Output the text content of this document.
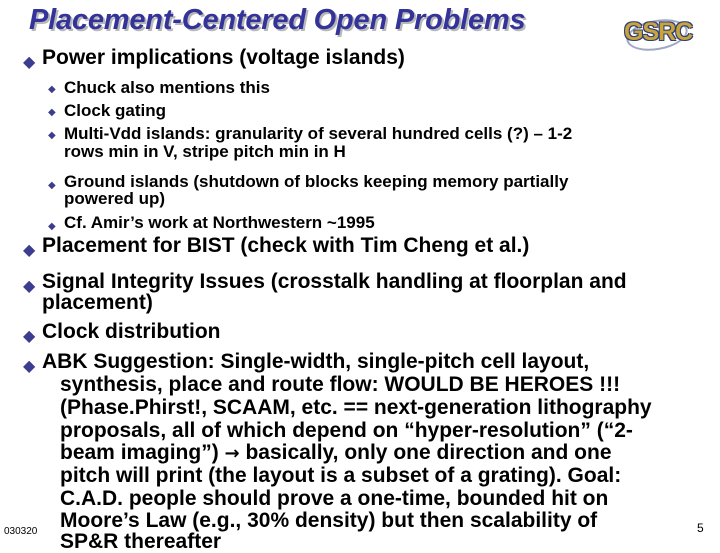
Placement-Centered Open Problems	GSRC
◆ Power implications (voltage islands)
◆ Chuck also mentions this
◆ Clock gating
◆ Multi-Vdd islands: granularity of several hundred cells (?) – 1-2
rows min in V, stripe pitch min in H
◆ Ground islands (shutdown of blocks keeping memory partially
powered up)
◆ Cf. Amir’s work at Northwestern ~1995
◆ Placement for BIST (check with Tim Cheng et al.)
◆ Signal Integrity Issues (crosstalk handling at floorplan and
placement)
◆ Clock distribution
◆ ABK Suggestion: Single-width, single-pitch cell layout,
synthesis, place and route flow: WOULD BE HEROES !!!
(Phase.Phirst!, SCAAM, etc. == next-generation lithography
proposals, all of which depend on “hyper-resolution” (“2-
beam imaging”) → basically, only one direction and one
pitch will print (the layout is a subset of a grating). Goal:
C.A.D. people should prove a one-time, bounded hit on
Moore’s Law (e.g., 30% density) but then scalability of
SP&R thereafter
030320	5
